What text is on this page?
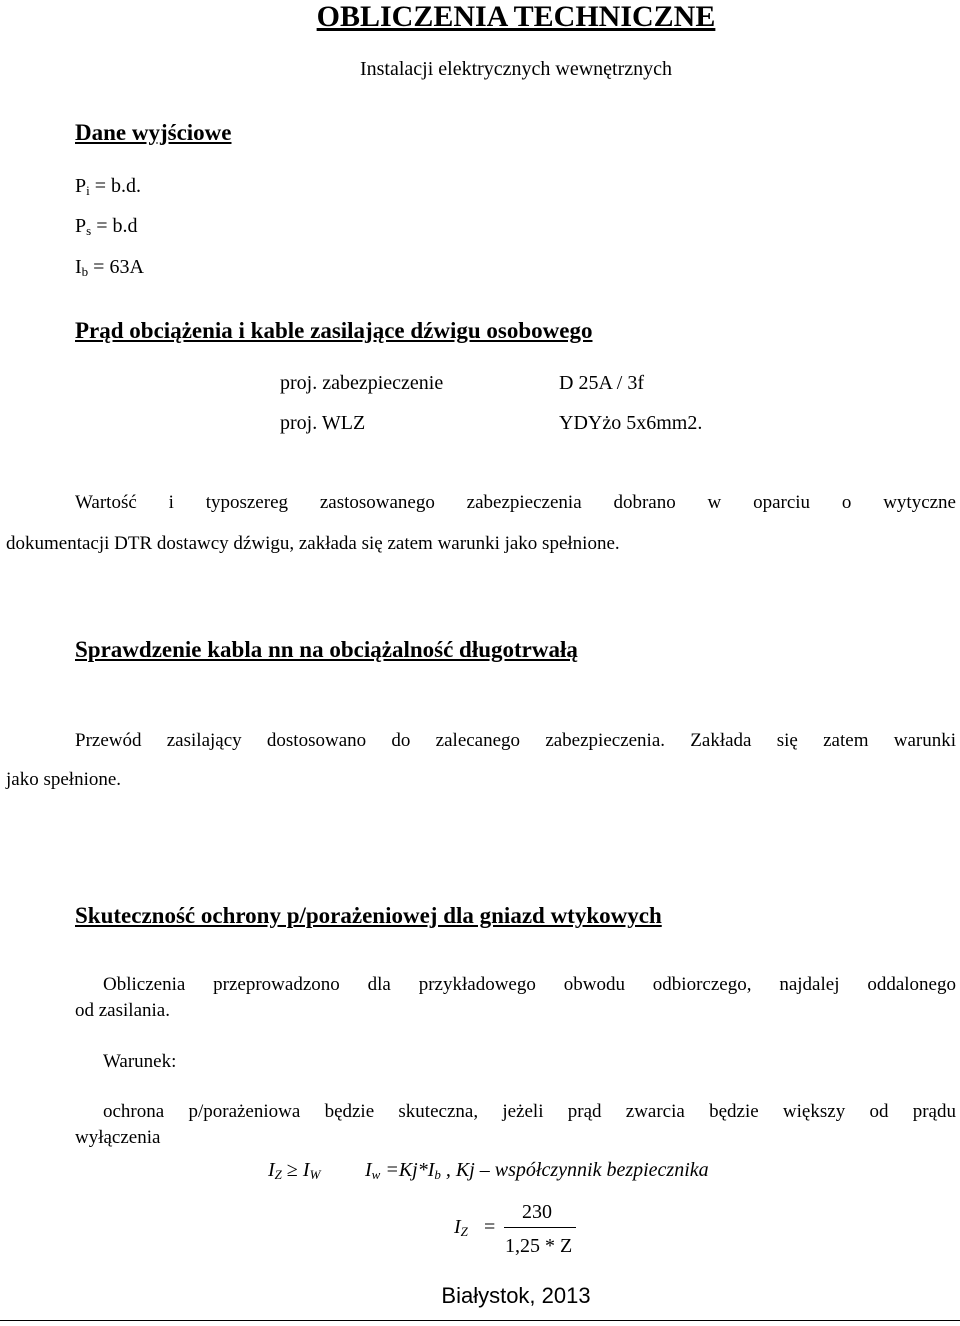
OBLICZENIA TECHNICZNE
Instalacji elektrycznych wewnętrznych
Dane wyjściowe
$P_i = b.d$.
$P_s = b.d$
$I_b = 63A$
Prąd obciążenia i kable zasilające dźwigu osobowego
proj. zabezpieczenie	D 25A / 3f
proj. WLZ	YDYżo 5x6mm2.
Wartość i typoszereg zastosowanego zabezpieczenia dobrano w oparciu o wytyczne
dokumentacji DTR dostawcy dźwigu, zakłada się zatem warunki jako spełnione.
Sprawdzenie kabla nn na obciążalność długotrwałą
Przewód zasilający dostosowano do zalecanego zabezpieczenia. Zakłada się zatem warunki
jako spełnione.
Skuteczność ochrony p/porażeniowej dla gniazd wtykowych
Obliczenia przeprowadzono dla przykładowego obwodu odbiorczego, najdalej oddalonego
od zasilania.
Warunek:
ochrona p/porażeniowa będzie skuteczna, jeżeli prąd zwarcia będzie większy od prądu
wyłączenia
$I_Z \ge I_W$ $I_w =Kj*I_b$ , Kj – współczynnik bezpiecznika
$I_Z$ =
230
1,25 * Z
Białystok, 2013
